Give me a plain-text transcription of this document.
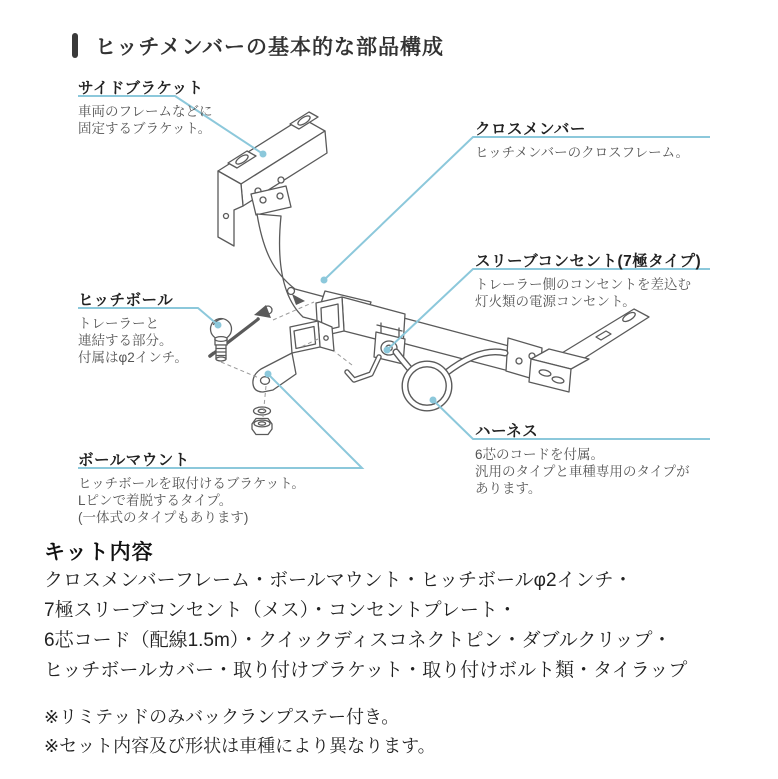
ヒッチメンバーの基本的な部品構成
サイドブラケット
車両のフレームなどに
固定するブラケット。	クロスメンバー
ヒッチメンバーのクロスフレーム。
スリーブコンセント(7極タイプ)
トレーラー側のコンセントを差込む
灯火類の電源コンセント。
ヒッチボール
トレーラーと
連結する部分。
付属はφ2インチ。
ハーネス
6芯のコードを付属。
汎用のタイプと車種専用のタイプが
あります。
ボールマウント
ヒッチボールを取付けるブラケット。
Lピンで着脱するタイプ。
(一体式のタイプもあります)
キット内容
クロスメンバーフレーム・ボールマウント・ヒッチボールφ2インチ・
7極スリーブコンセント（メス）・コンセントプレート・
6芯コード（配線1.5m）・クイックディスコネクトピン・ダブルクリップ・
ヒッチボールカバー・取り付けブラケット・取り付けボルト類・タイラップ
※リミテッドのみバックランプステー付き。
※セット内容及び形状は車種により異なります。
